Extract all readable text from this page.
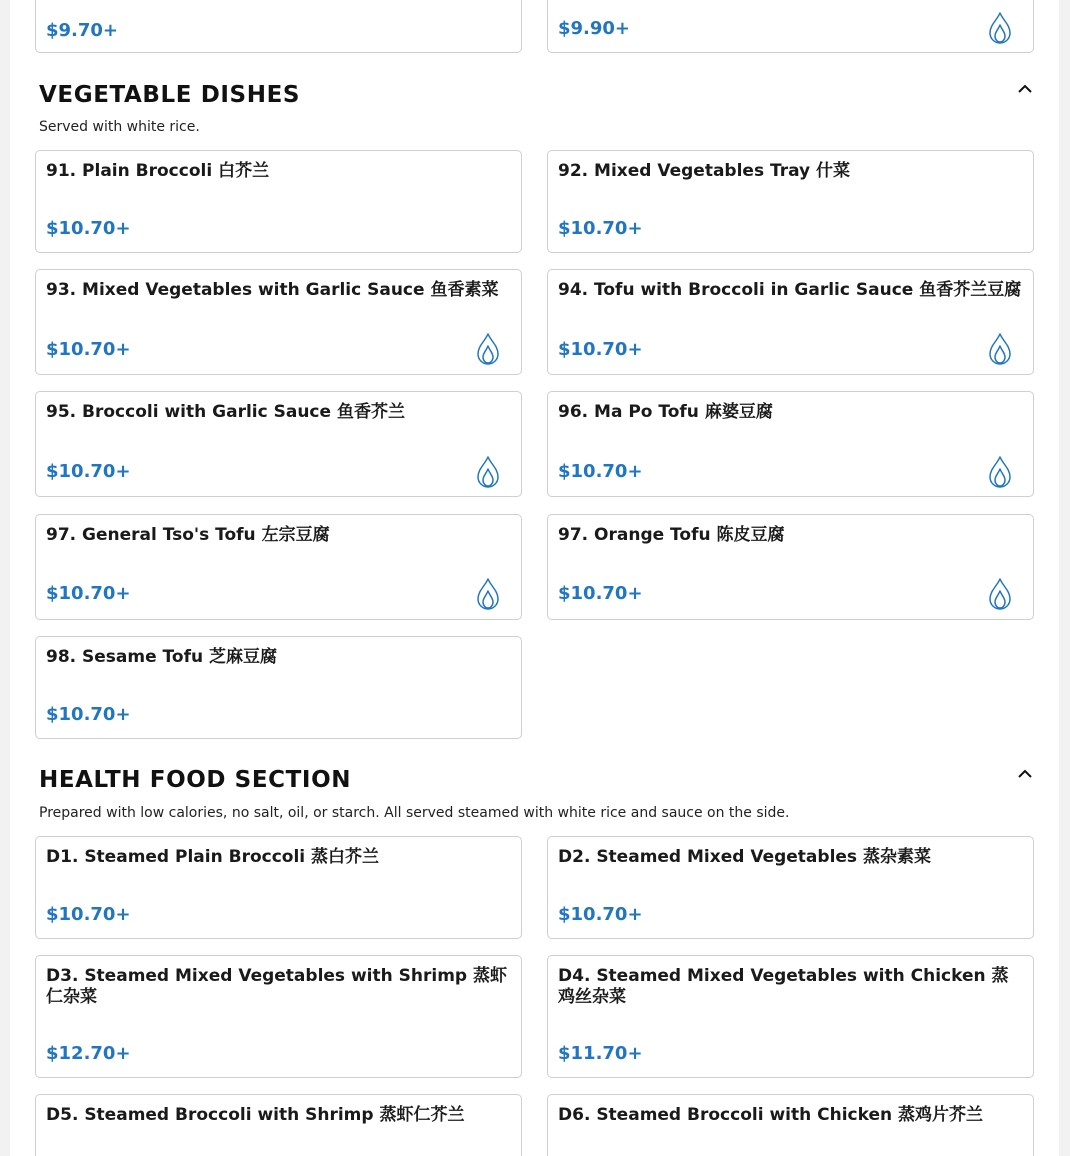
$9.70+	$9.90+
VEGETABLE DISHES
Served with white rice.
91. Plain Broccoli 白芥兰
$10.70+
92. Mixed Vegetables Tray 什菜
$10.70+
93. Mixed Vegetables with Garlic Sauce 鱼香素菜
$10.70+
94. Tofu with Broccoli in Garlic Sauce 鱼香芥兰豆腐
$10.70+
95. Broccoli with Garlic Sauce 鱼香芥兰
$10.70+
96. Ma Po Tofu 麻婆豆腐
$10.70+
97. General Tso's Tofu 左宗豆腐
$10.70+
97. Orange Tofu 陈皮豆腐
$10.70+
98. Sesame Tofu 芝麻豆腐
$10.70+
HEALTH FOOD SECTION
Prepared with low calories, no salt, oil, or starch. All served steamed with white rice and sauce on the side.
D1. Steamed Plain Broccoli 蒸白芥兰
$10.70+
D2. Steamed Mixed Vegetables 蒸杂素菜
$10.70+
D3. Steamed Mixed Vegetables with Shrimp 蒸虾仁杂菜
$12.70+
D4. Steamed Mixed Vegetables with Chicken 蒸鸡丝杂菜
$11.70+
D5. Steamed Broccoli with Shrimp 蒸虾仁芥兰	D6. Steamed Broccoli with Chicken 蒸鸡片芥兰
